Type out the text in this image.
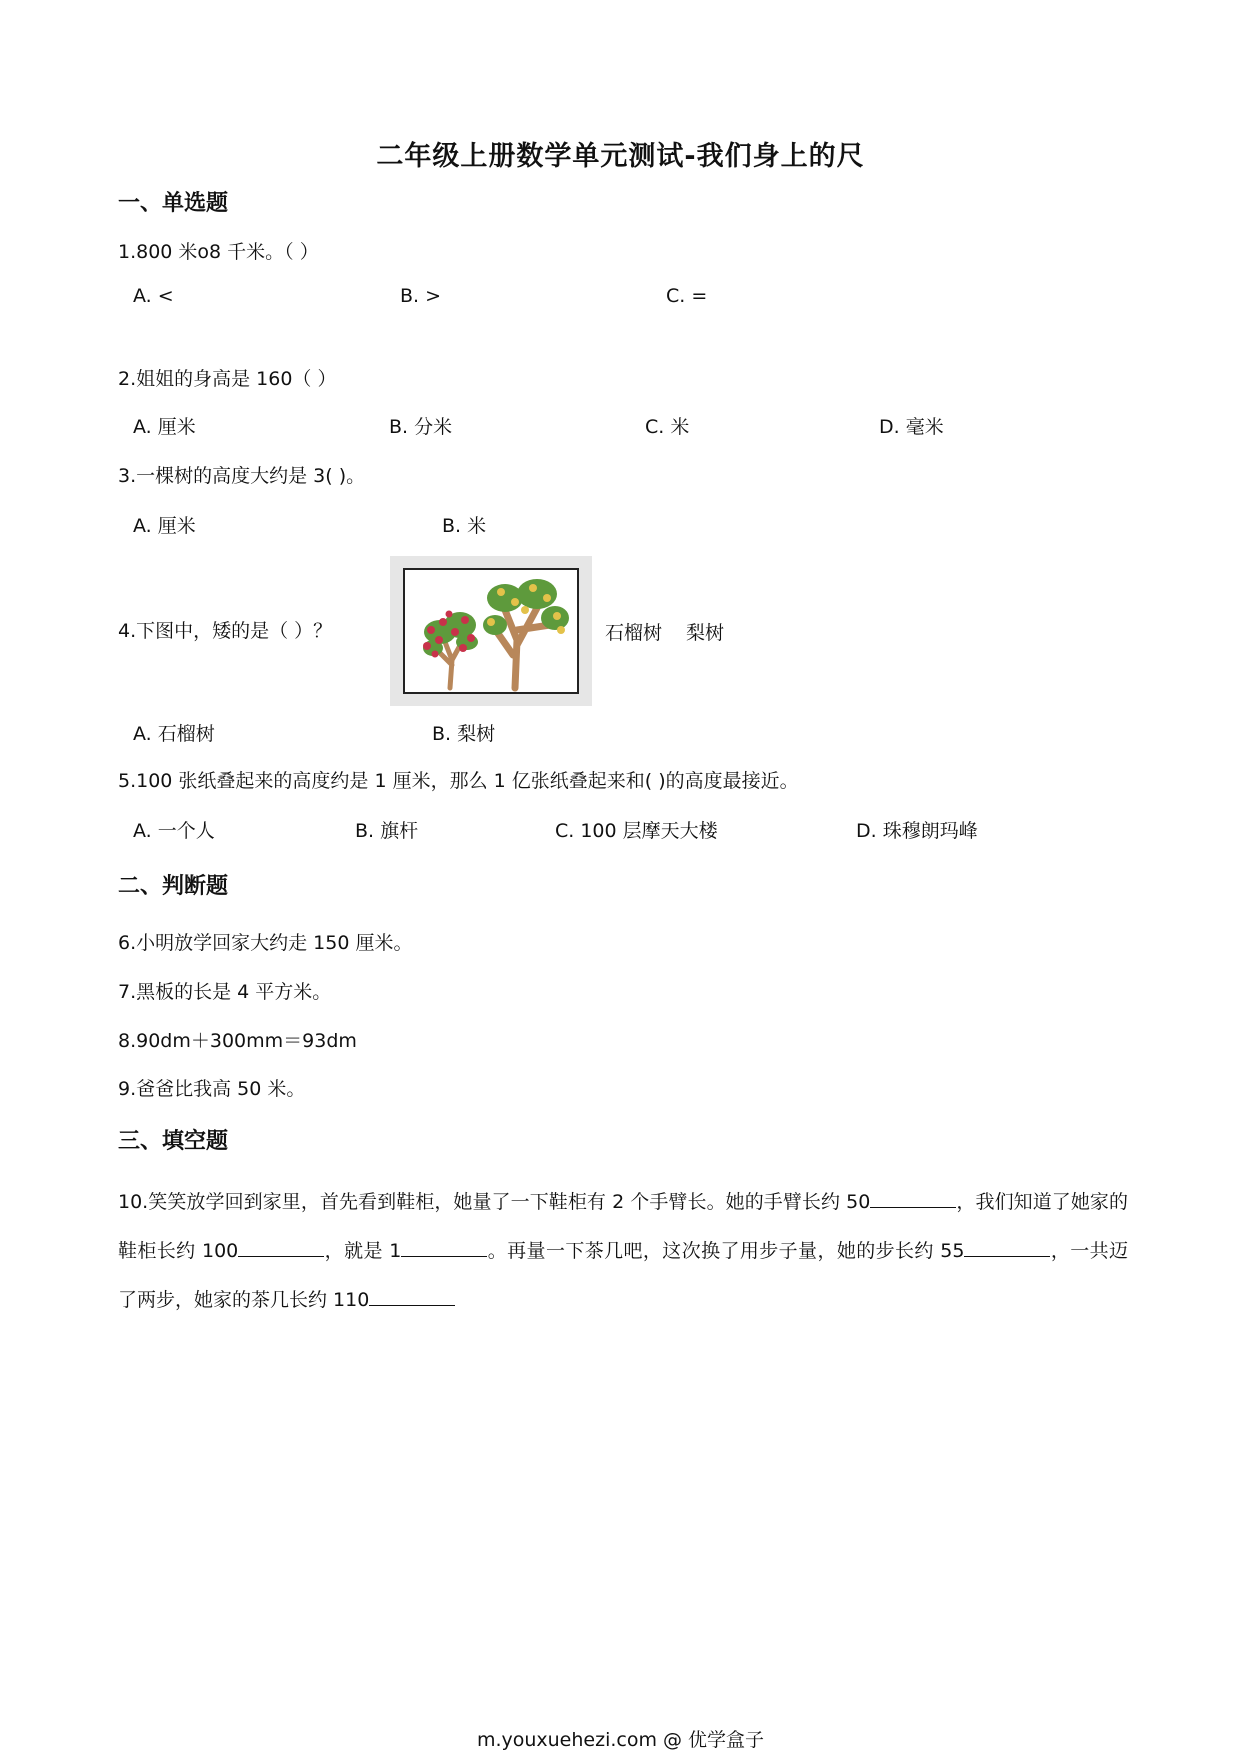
二年级上册数学单元测试-我们身上的尺
一、单选题
1.800 米o8 千米。（ ）
A. <	B. >	C. =
2.姐姐的身高是 160（ ）
A. 厘米	B. 分米	C. 米	D. 毫米
3.一棵树的高度大约是 3( )。
A. 厘米	B. 米
4.下图中，矮的是（ ）？	石榴树 梨树
A. 石榴树	B. 梨树
5.100 张纸叠起来的高度约是 1 厘米，那么 1 亿张纸叠起来和( )的高度最接近。
A. 一个人	B. 旗杆	C. 100 层摩天大楼	D. 珠穆朗玛峰
二、判断题
6.小明放学回家大约走 150 厘米。
7.黑板的长是 4 平方米。
8.90dm＋300mm＝93dm
9.爸爸比我高 50 米。
三、填空题
10.笑笑放学回到家里，首先看到鞋柜，她量了一下鞋柜有 2 个手臂长。她的手臂长约 50	，我们知道了她家的鞋柜长约 100	，就是 1	。再量一下茶几吧，这次换了用步子量，她的步长约 55	，一共迈了两步，她家的茶几长约 110
m.youxuehezi.com @ 优学盒子
